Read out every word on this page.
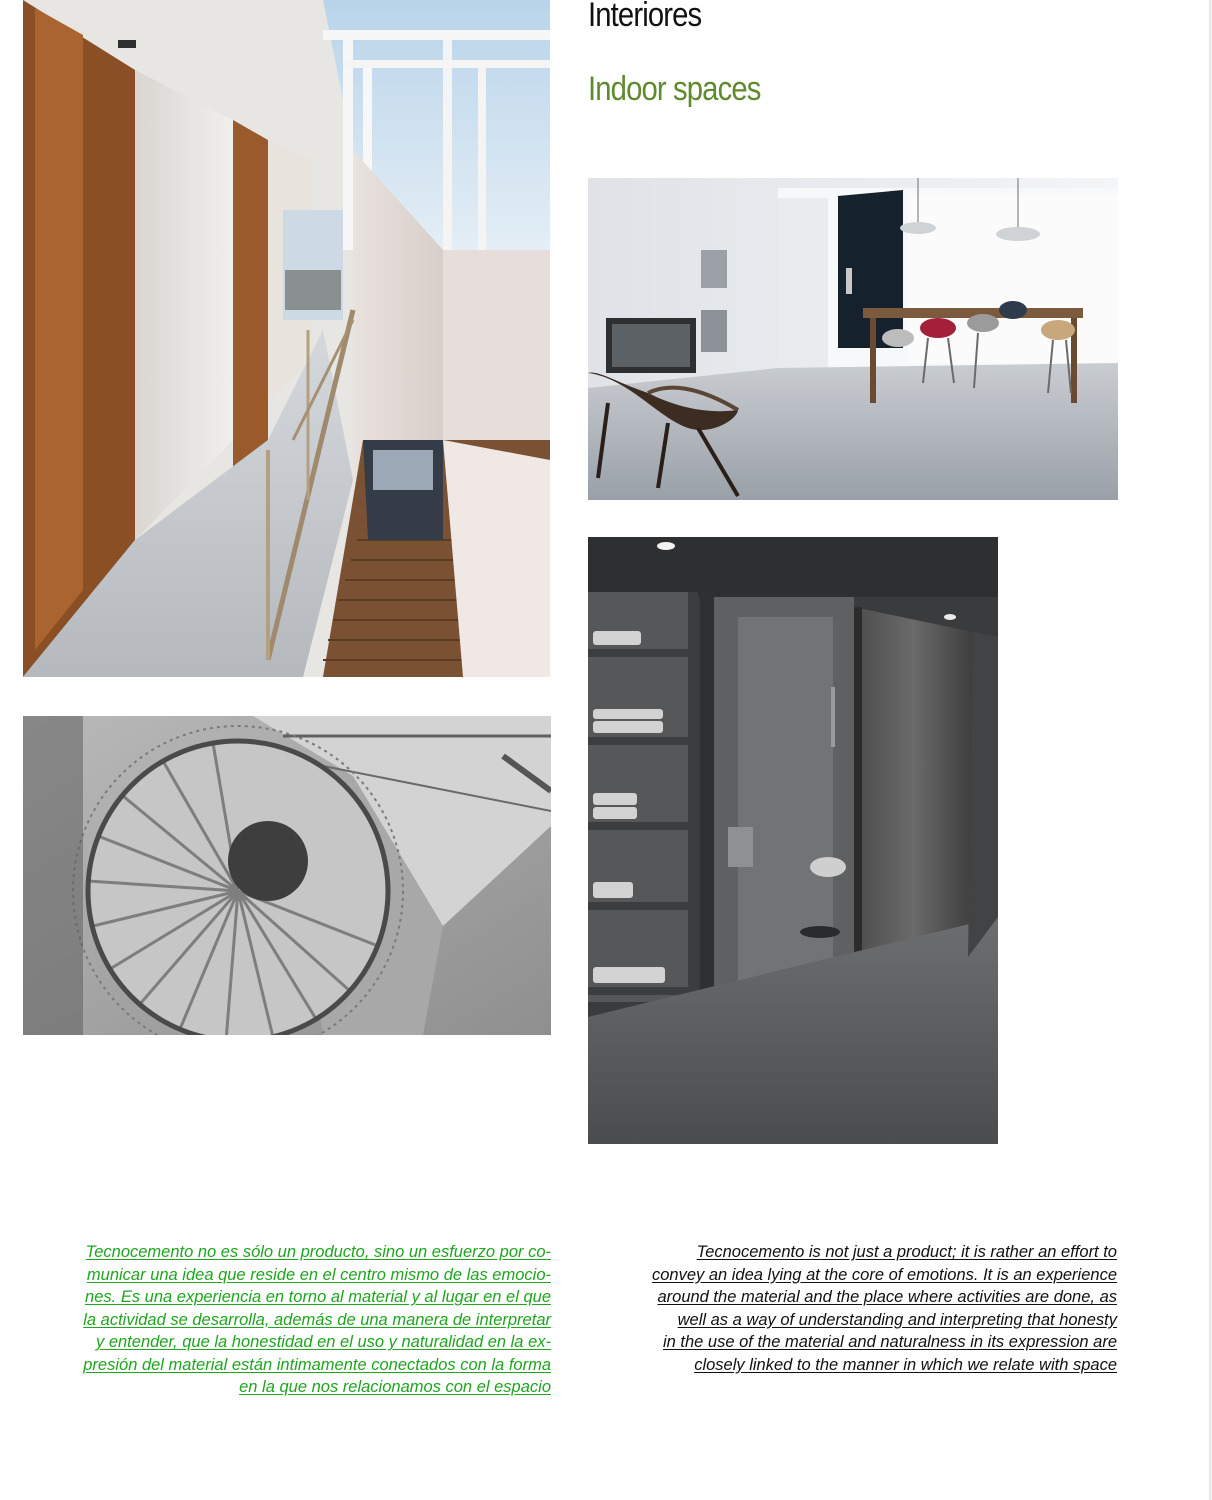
Interiores
Indoor spaces

Tecnocemento no es sólo un producto, sino un esfuerzo por co-
municar una idea que reside en el centro mismo de las emocio-
nes. Es una experiencia en torno al material y al lugar en el que
la actividad se desarrolla, además de una manera de interpretar
y entender, que la honestidad en el uso y naturalidad en la ex-
presión del material están intimamente conectados con la forma
en la que nos relacionamos con el espacio

Tecnocemento is not just a product; it is rather an effort to
convey an idea lying at the core of emotions. It is an experience
around the material and the place where activities are done, as
well as a way of understanding and interpreting that honesty
in the use of the material and naturalness in its expression are
closely linked to the manner in which we relate with space
